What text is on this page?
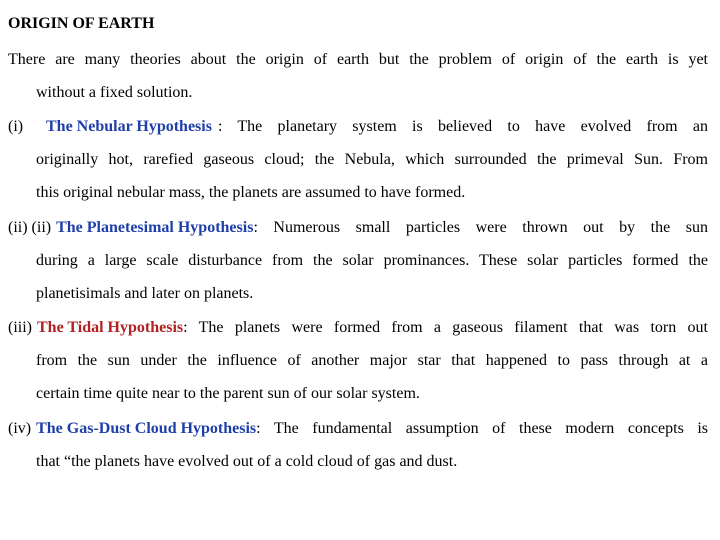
ORIGIN OF EARTH
There are many theories about the origin of earth but the problem of origin of the earth is yet
without a fixed solution.
(i) The Nebular Hypothesis : The planetary system is believed to have evolved from an
originally hot, rarefied gaseous cloud; the Nebula, which surrounded the primeval Sun. From
this original nebular mass, the planets are assumed to have formed.
(ii) (ii) The Planetesimal Hypothesis : Numerous small particles were thrown out by the sun
during a large scale disturbance from the solar prominances. These solar particles formed the
planetisimals and later on planets.
(iii) The Tidal Hypothesis : The planets were formed from a gaseous filament that was torn out
from the sun under the influence of another major star that happened to pass through at a
certain time quite near to the parent sun of our solar system.
(iv) The Gas-Dust Cloud Hypothesis : The fundamental assumption of these modern concepts is
that “the planets have evolved out of a cold cloud of gas and dust.
